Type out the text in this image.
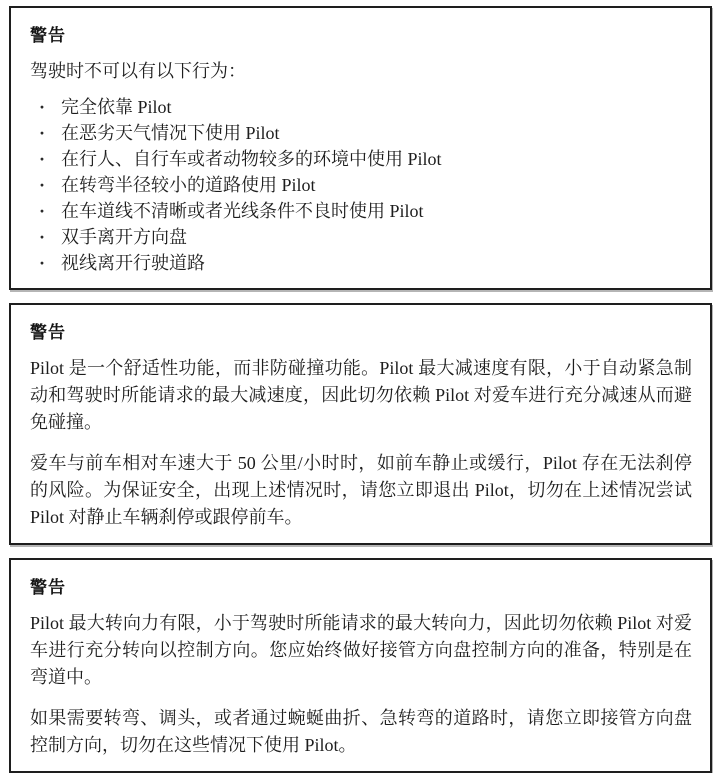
警告

驾驶时不可以有以下行为：

· 完全依靠 Pilot
· 在恶劣天气情况下使用 Pilot
· 在行人、自行车或者动物较多的环境中使用 Pilot
· 在转弯半径较小的道路使用 Pilot
· 在车道线不清晰或者光线条件不良时使用 Pilot
· 双手离开方向盘
· 视线离开行驶道路
警告

Pilot 是一个舒适性功能，而非防碰撞功能。Pilot 最大减速度有限，小于自动紧急制动和驾驶时所能请求的最大减速度，因此切勿依赖 Pilot 对爱车进行充分减速从而避免碰撞。

爱车与前车相对车速大于 50 公里/小时时，如前车静止或缓行，Pilot 存在无法刹停的风险。为保证安全，出现上述情况时，请您立即退出 Pilot，切勿在上述情况尝试 Pilot 对静止车辆刹停或跟停前车。

警告

Pilot 最大转向力有限，小于驾驶时所能请求的最大转向力，因此切勿依赖 Pilot 对爱车进行充分转向以控制方向。您应始终做好接管方向盘控制方向的准备，特别是在弯道中。

如果需要转弯、调头，或者通过蜿蜒曲折、急转弯的道路时，请您立即接管方向盘控制方向，切勿在这些情况下使用 Pilot。
